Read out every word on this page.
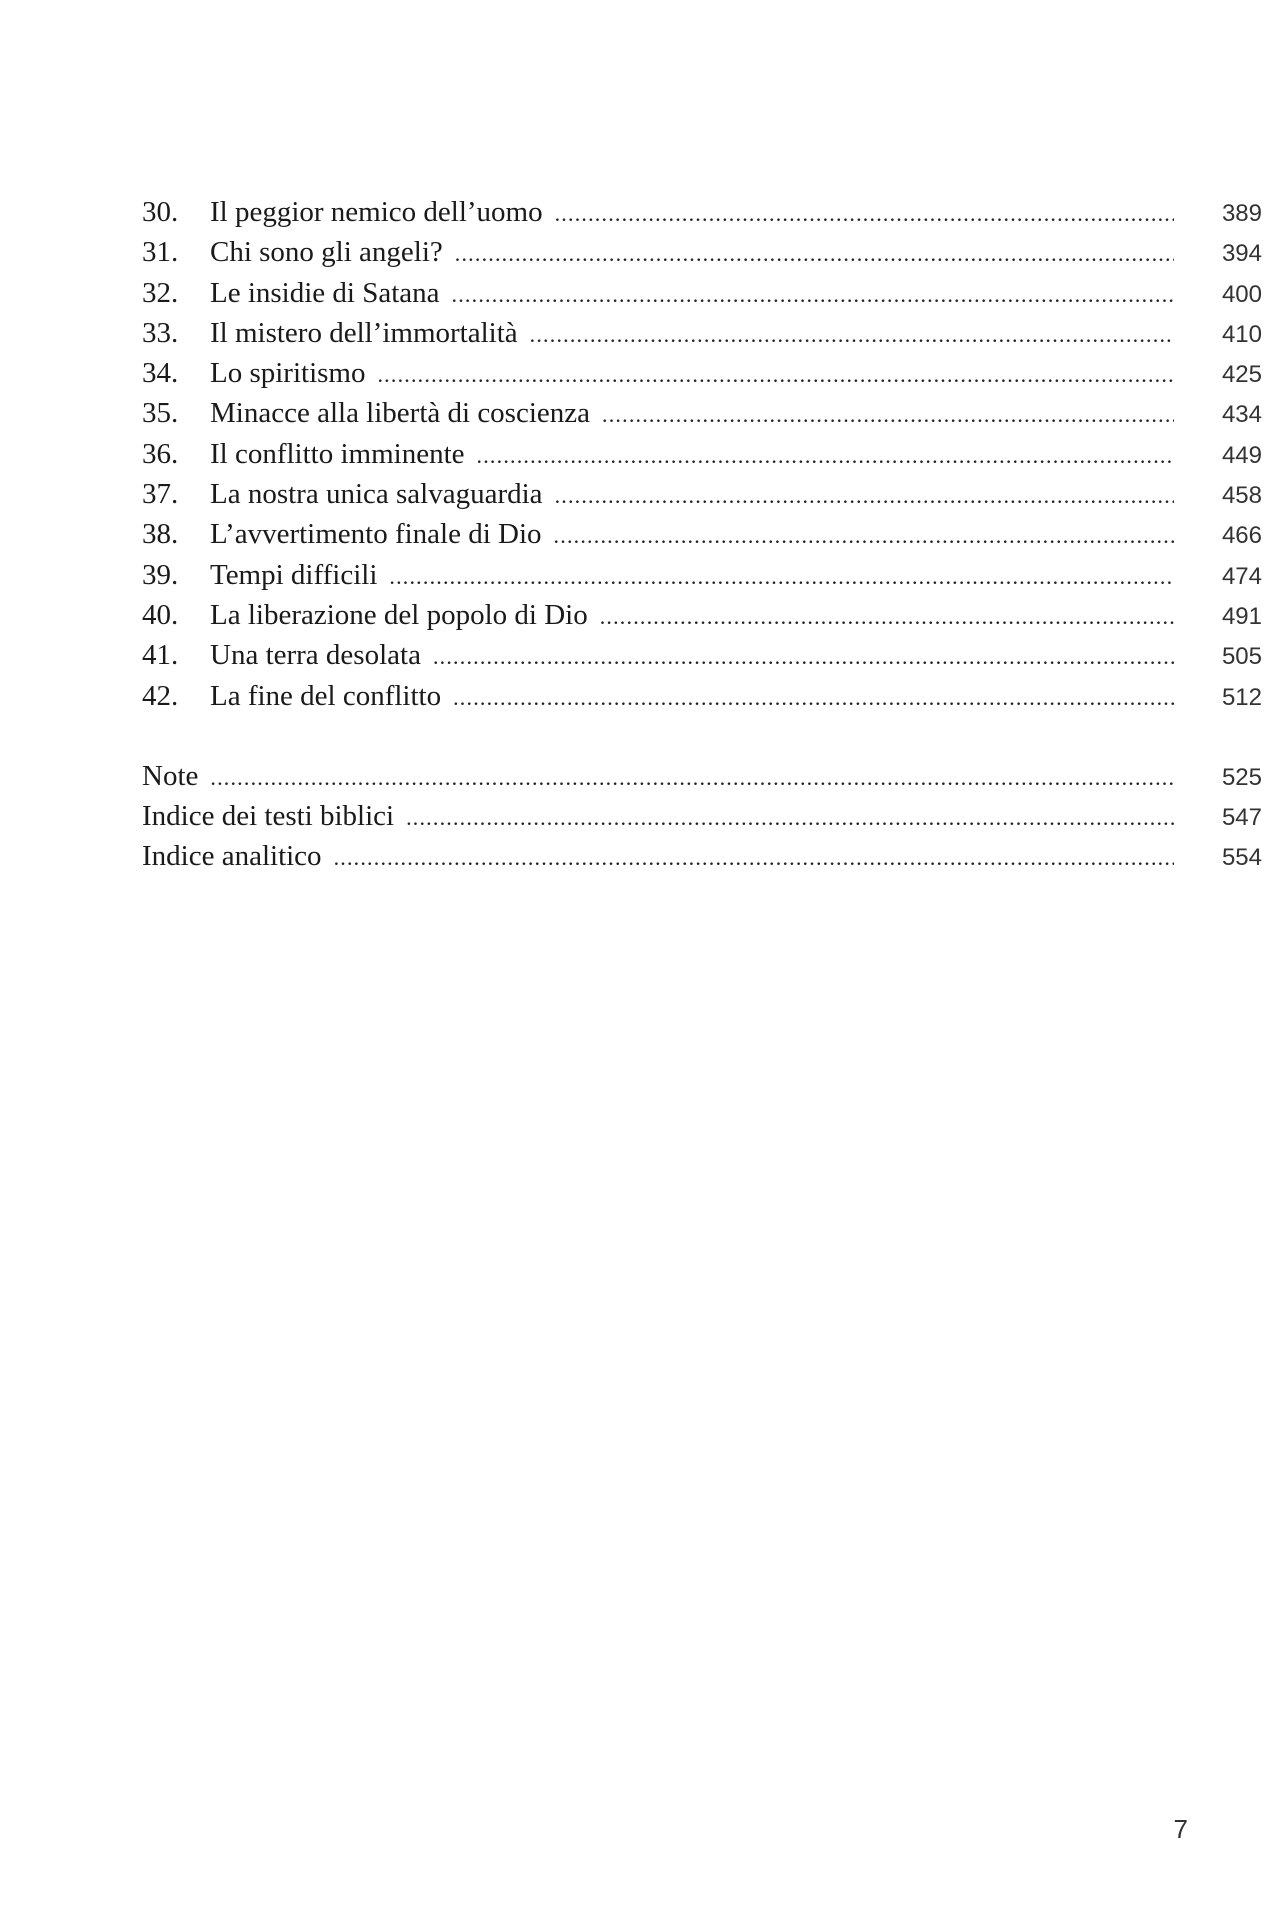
30.	Il peggior nemico dell’uomo .....	389
31.	Chi sono gli angeli? .....	394
32.	Le insidie di Satana .....	400
33.	Il mistero dell’immortalità .....	410
34.	Lo spiritismo .....	425
35.	Minacce alla libertà di coscienza .....	434
36.	Il conflitto imminente .....	449
37.	La nostra unica salvaguardia .....	458
38.	L’avvertimento finale di Dio .....	466
39.	Tempi difficili .....	474
40.	La liberazione del popolo di Dio .....	491
41.	Una terra desolata .....	505
42.	La fine del conflitto .....	512
Note .....	525
Indice dei testi biblici .....	547
Indice analitico .....	554
7
